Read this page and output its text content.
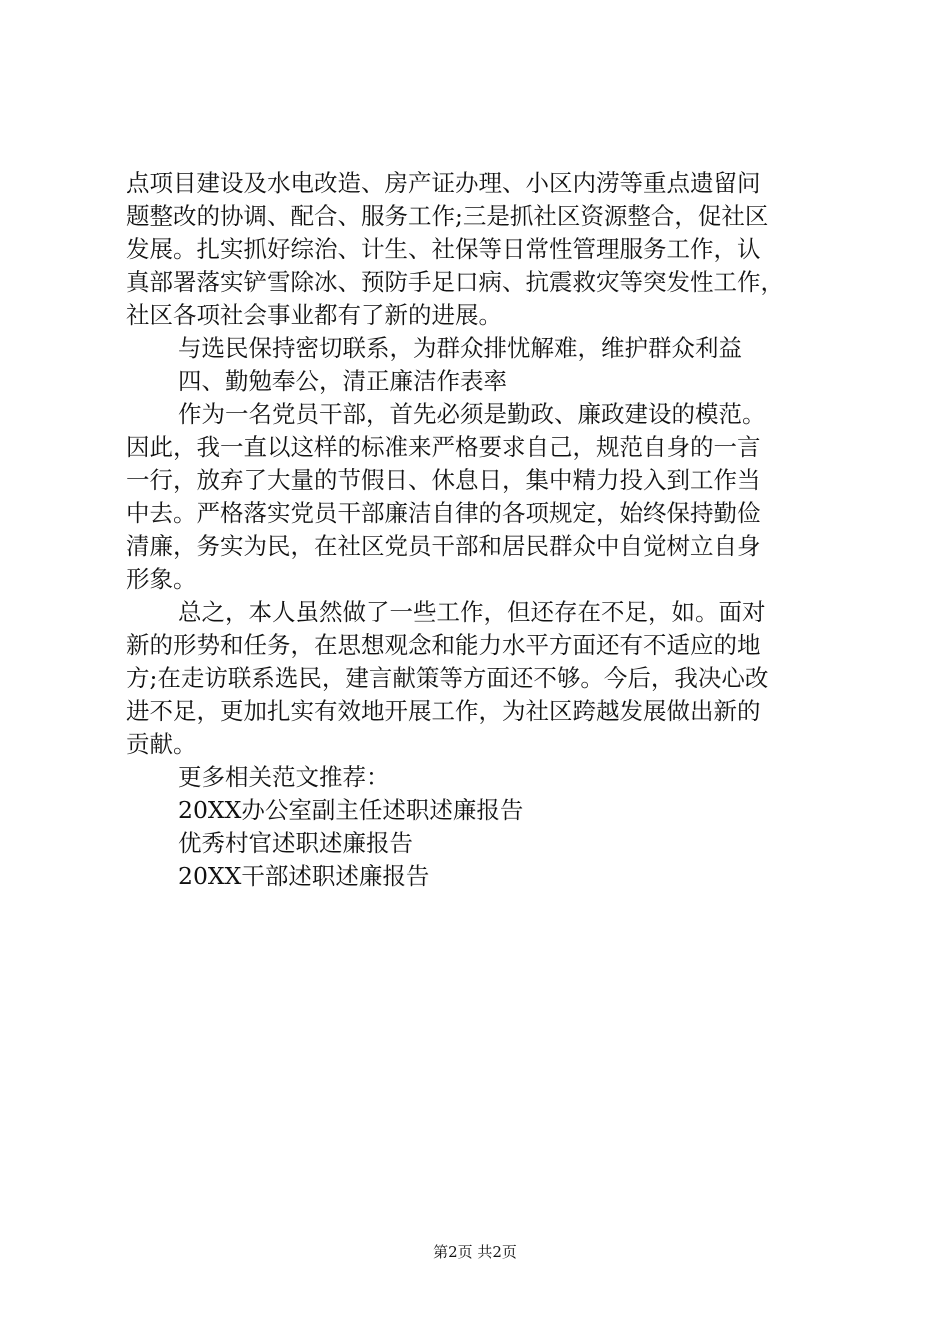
点项目建设及水电改造、房产证办理、小区内涝等重点遗留问
题整改的协调、配合、服务工作;三是抓社区资源整合，促社区
发展。扎实抓好综治、计生、社保等日常性管理服务工作，认
真部署落实铲雪除冰、预防手足口病、抗震救灾等突发性工作，
社区各项社会事业都有了新的进展。
与选民保持密切联系，为群众排忧解难，维护群众利益
四、勤勉奉公，清正廉洁作表率
作为一名党员干部，首先必须是勤政、廉政建设的模范。
因此，我一直以这样的标准来严格要求自己，规范自身的一言
一行，放弃了大量的节假日、休息日，集中精力投入到工作当
中去。严格落实党员干部廉洁自律的各项规定，始终保持勤俭
清廉，务实为民，在社区党员干部和居民群众中自觉树立自身
形象。
总之，本人虽然做了一些工作，但还存在不足，如。面对
新的形势和任务，在思想观念和能力水平方面还有不适应的地
方;在走访联系选民，建言献策等方面还不够。今后，我决心改
进不足，更加扎实有效地开展工作，为社区跨越发展做出新的
贡献。
更多相关范文推荐：
20XX办公室副主任述职述廉报告
优秀村官述职述廉报告
20XX干部述职述廉报告
第2页 共2页
